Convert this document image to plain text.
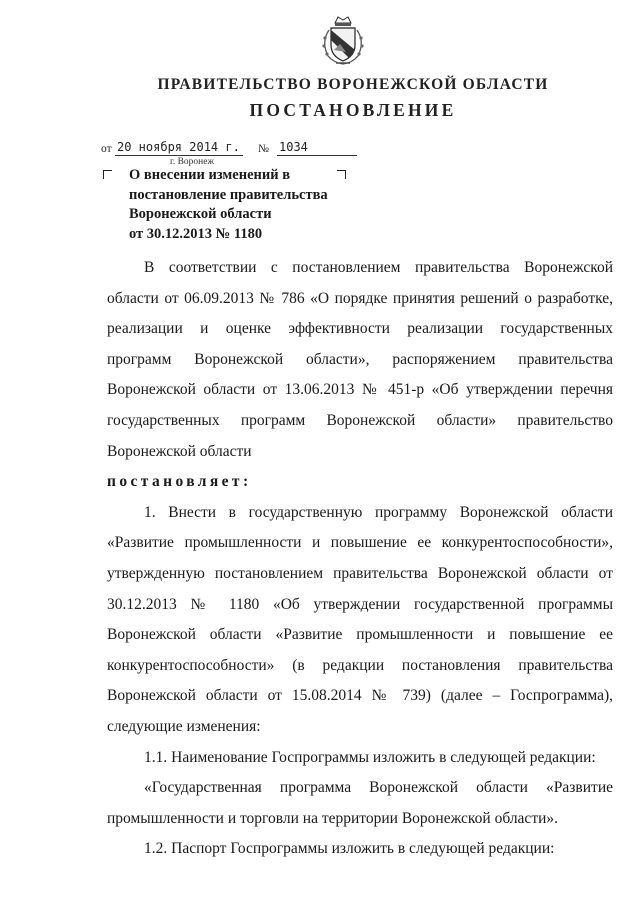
ПРАВИТЕЛЬСТВО ВОРОНЕЖСКОЙ ОБЛАСТИ
ПОСТАНОВЛЕНИЕ
от 20 ноября 2014 г. № 1034
г. Воронеж
О внесении изменений в
постановление правительства
Воронежской области
от 30.12.2013 № 1180

В соответствии с постановлением правительства Воронежской области от 06.09.2013 № 786 «О порядке принятия решений о разработке, реализации и оценке эффективности реализации государственных программ Воронежской области», распоряжением правительства Воронежской области от 13.06.2013 № 451-р «Об утверждении перечня государственных программ Воронежской области» правительство Воронежской области

постановляет:

1. Внести в государственную программу Воронежской области «Развитие промышленности и повышение ее конкурентоспособности», утвержденную постановлением правительства Воронежской области от 30.12.2013 № 1180 «Об утверждении государственной программы Воронежской области «Развитие промышленности и повышение ее конкурентоспособности» (в редакции постановления правительства Воронежской области от 15.08.2014 № 739) (далее – Госпрограмма), следующие изменения:

1.1. Наименование Госпрограммы изложить в следующей редакции:

«Государственная программа Воронежской области «Развитие промышленности и торговли на территории Воронежской области».

1.2. Паспорт Госпрограммы изложить в следующей редакции:
